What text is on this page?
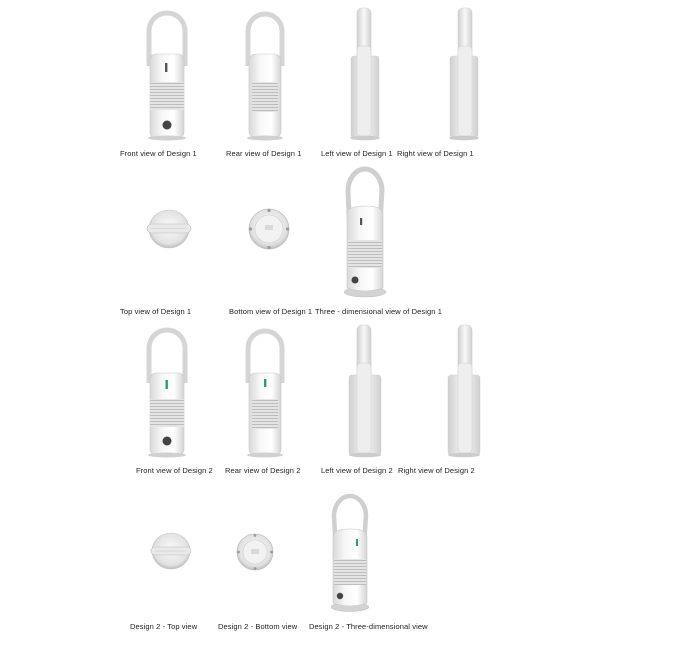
Front view of Design 1	Rear view of Design 1	Left view of Design 1 Right view of Design 1
Top view of Design 1	Bottom view of Design 1 Three - dimensional view of Design 1
Front view of Design 2 Rear view of Design 2	Left view of Design 2 Right view of Design 2
Design 2 - Top view	Design 2 - Bottom view Design 2 - Three-dimensional view
